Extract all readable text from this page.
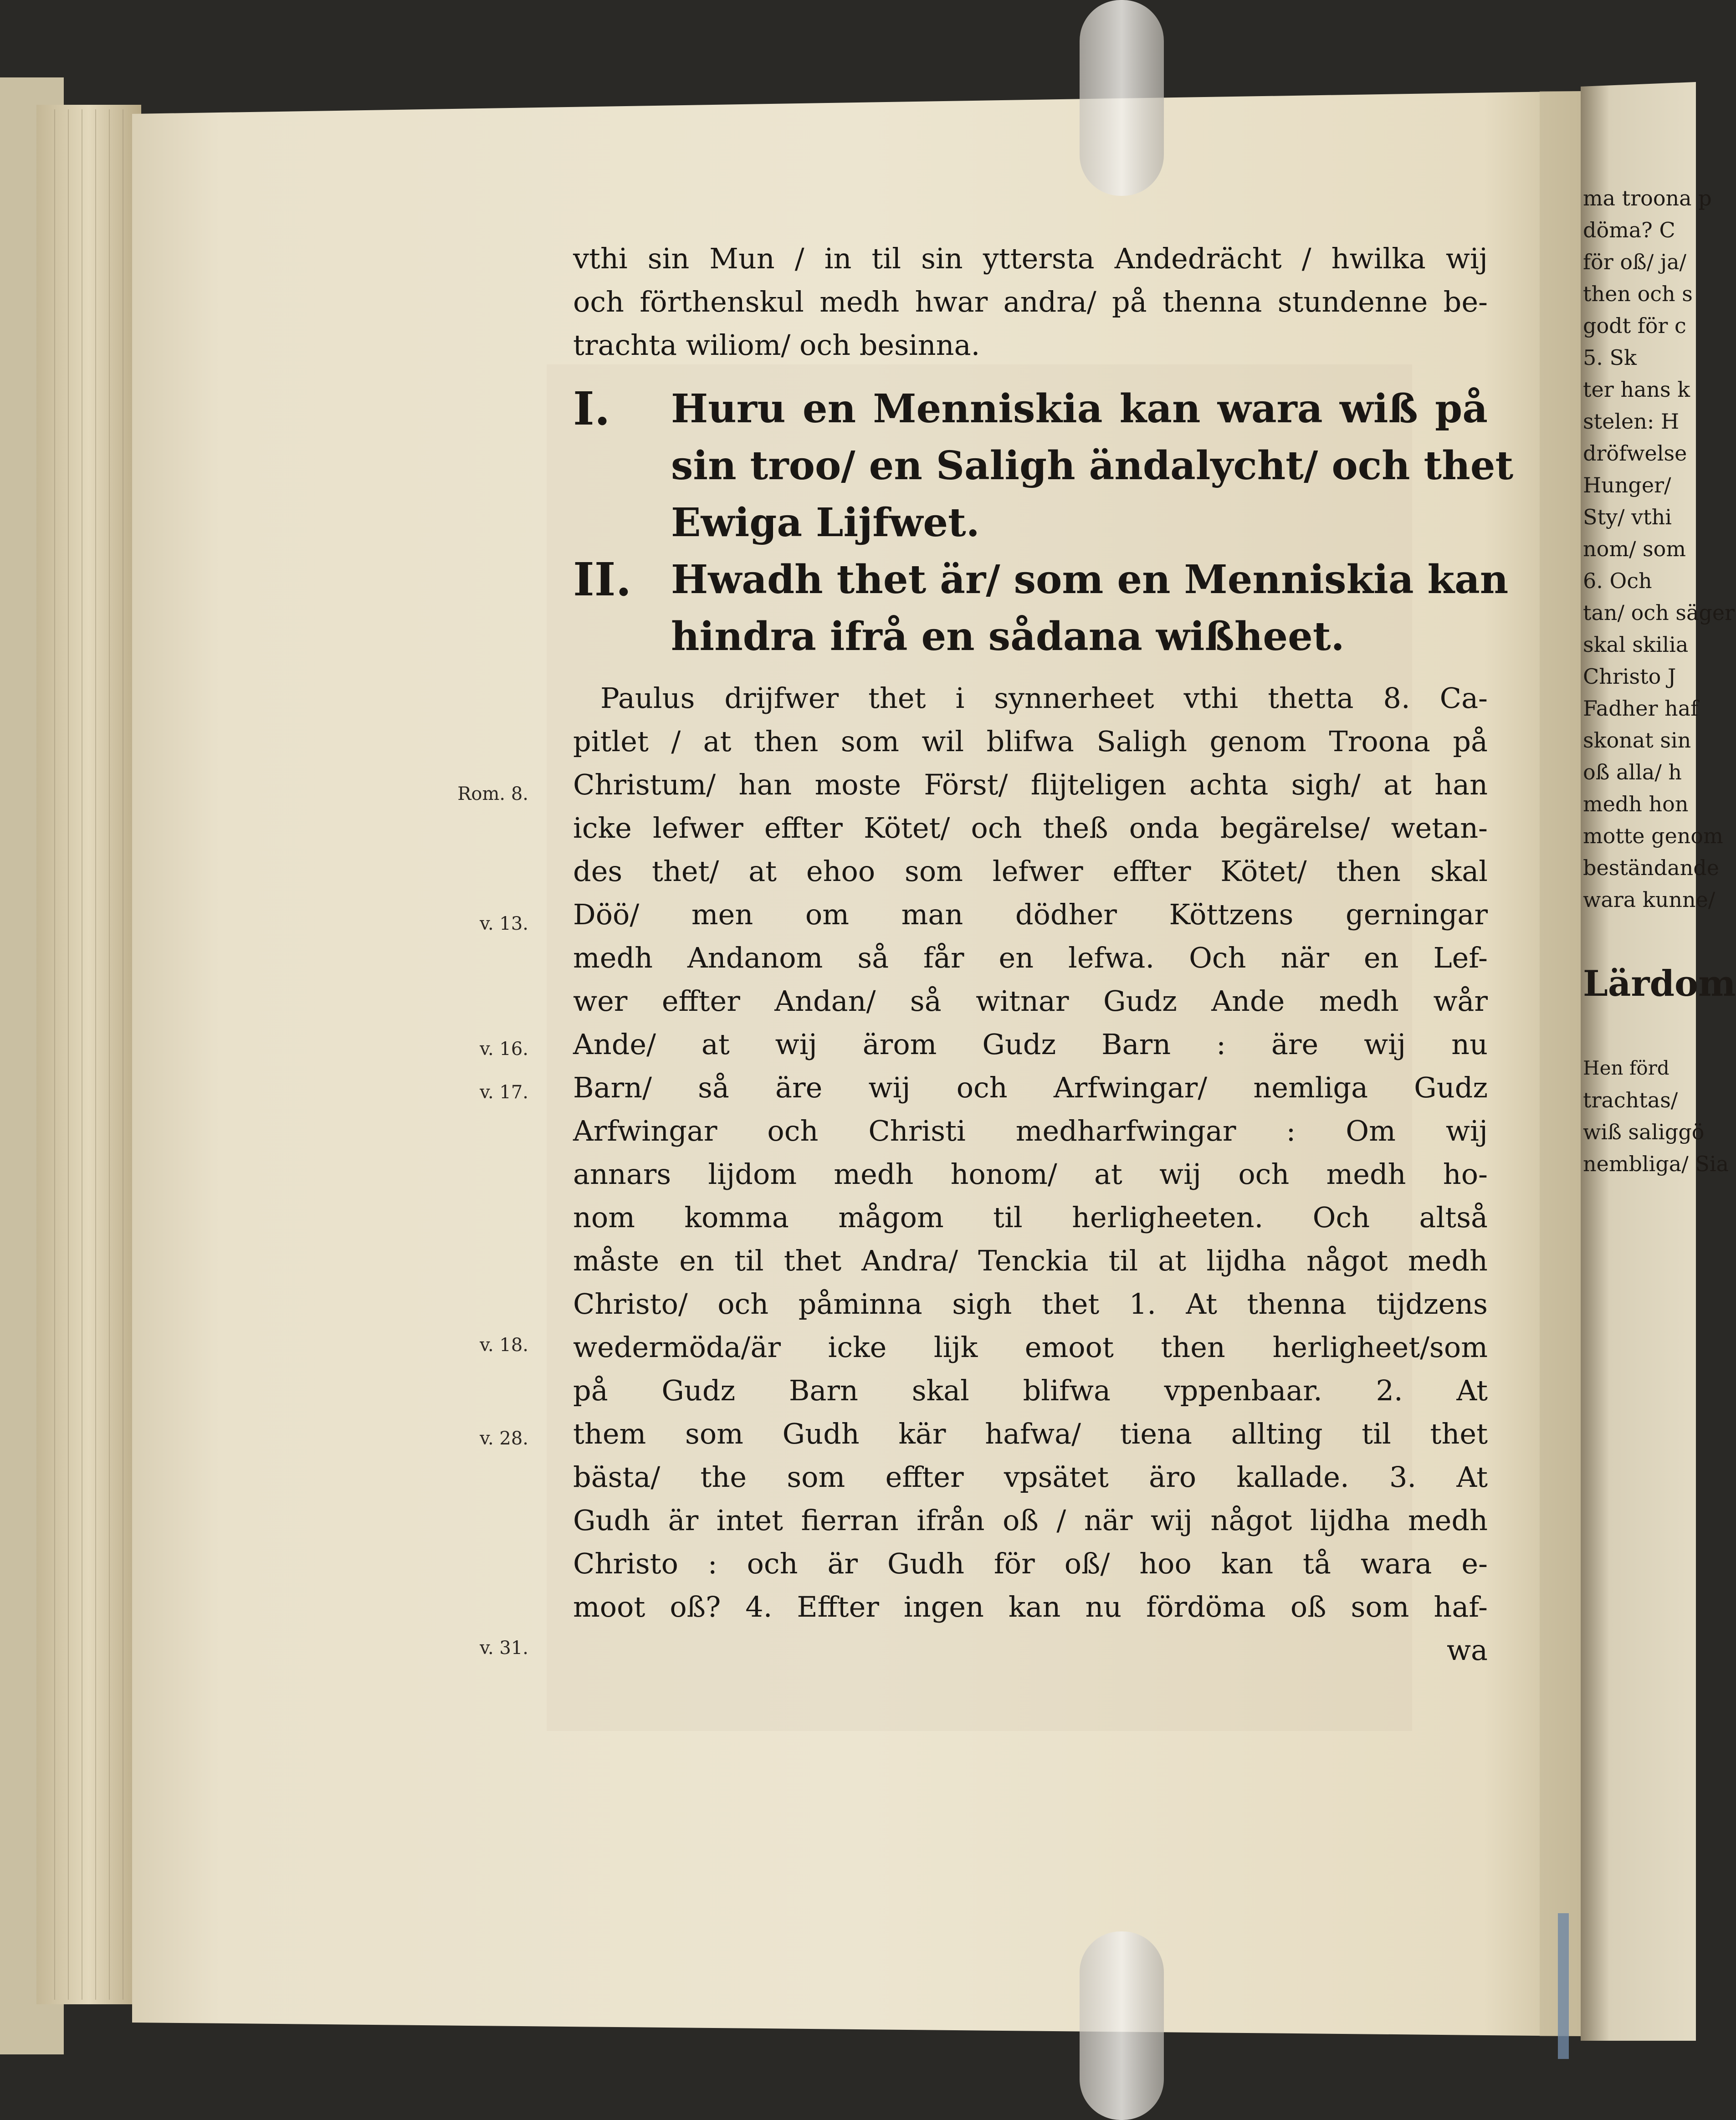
ma troona p
döma? C
för oß/ ja/
then och s
godt för c
5. Sk
ter hans k
stelen: H
dröfwelse
Hunger/
Sty/ vthi
nom/ som
6. Och
tan/ och säger
skal skilia
Christo J
Fadher haf
skonat sin
oß alla/ h
medh hon
motte genom
beständande
wara kunne/
Lärdom
Hen förd
trachtas/
wiß saliggö
nembliga/ Sia
Rom. 8.
v. 13.
v. 16.
v. 17.
v. 18.
v. 28.
v. 31.
vthi sin Mun / in til sin yttersta Andedrächt / hwilka wij
och förthenskul medh hwar andra/ på thenna stundenne be-
trachta wiliom/ och besinna.
I. Huru en Menniskia kan wara wiß på
sin troo/ en Saligh ändalycht/ och thet
Ewiga Lijfwet.
II. Hwadh thet är/ som en Menniskia kan
hindra ifrå en sådana wißheet.
Paulus drijfwer thet i synnerheet vthi thetta 8. Ca-
pitlet / at then som wil blifwa Saligh genom Troona på
Christum/ han moste Först/ flijteligen achta sigh/ at han
icke lefwer effter Kötet/ och theß onda begärelse/ wetan-
des thet/ at ehoo som lefwer effter Kötet/ then skal
Döö/ men om man dödher Köttzens gerningar
medh Andanom så får en lefwa. Och när en Lef-
wer effter Andan/ så witnar Gudz Ande medh wår
Ande/ at wij ärom Gudz Barn : äre wij nu
Barn/ så äre wij och Arfwingar/ nemliga Gudz
Arfwingar och Christi medharfwingar : Om wij
annars lijdom medh honom/ at wij och medh ho-
nom komma mågom til herligheeten. Och altså
måste en til thet Andra/ Tenckia til at lijdha något medh
Christo/ och påminna sigh thet 1. At thenna tijdzens
wedermöda/är icke lijk emoot then herligheet/som
på Gudz Barn skal blifwa vppenbaar. 2. At
them som Gudh kär hafwa/ tiena allting til thet
bästa/ the som effter vpsätet äro kallade. 3. At
Gudh är intet fierran ifrån oß / när wij något lijdha medh
Christo : och är Gudh för oß/ hoo kan tå wara e-
moot oß? 4. Effter ingen kan nu fördöma oß som haf-
wa
